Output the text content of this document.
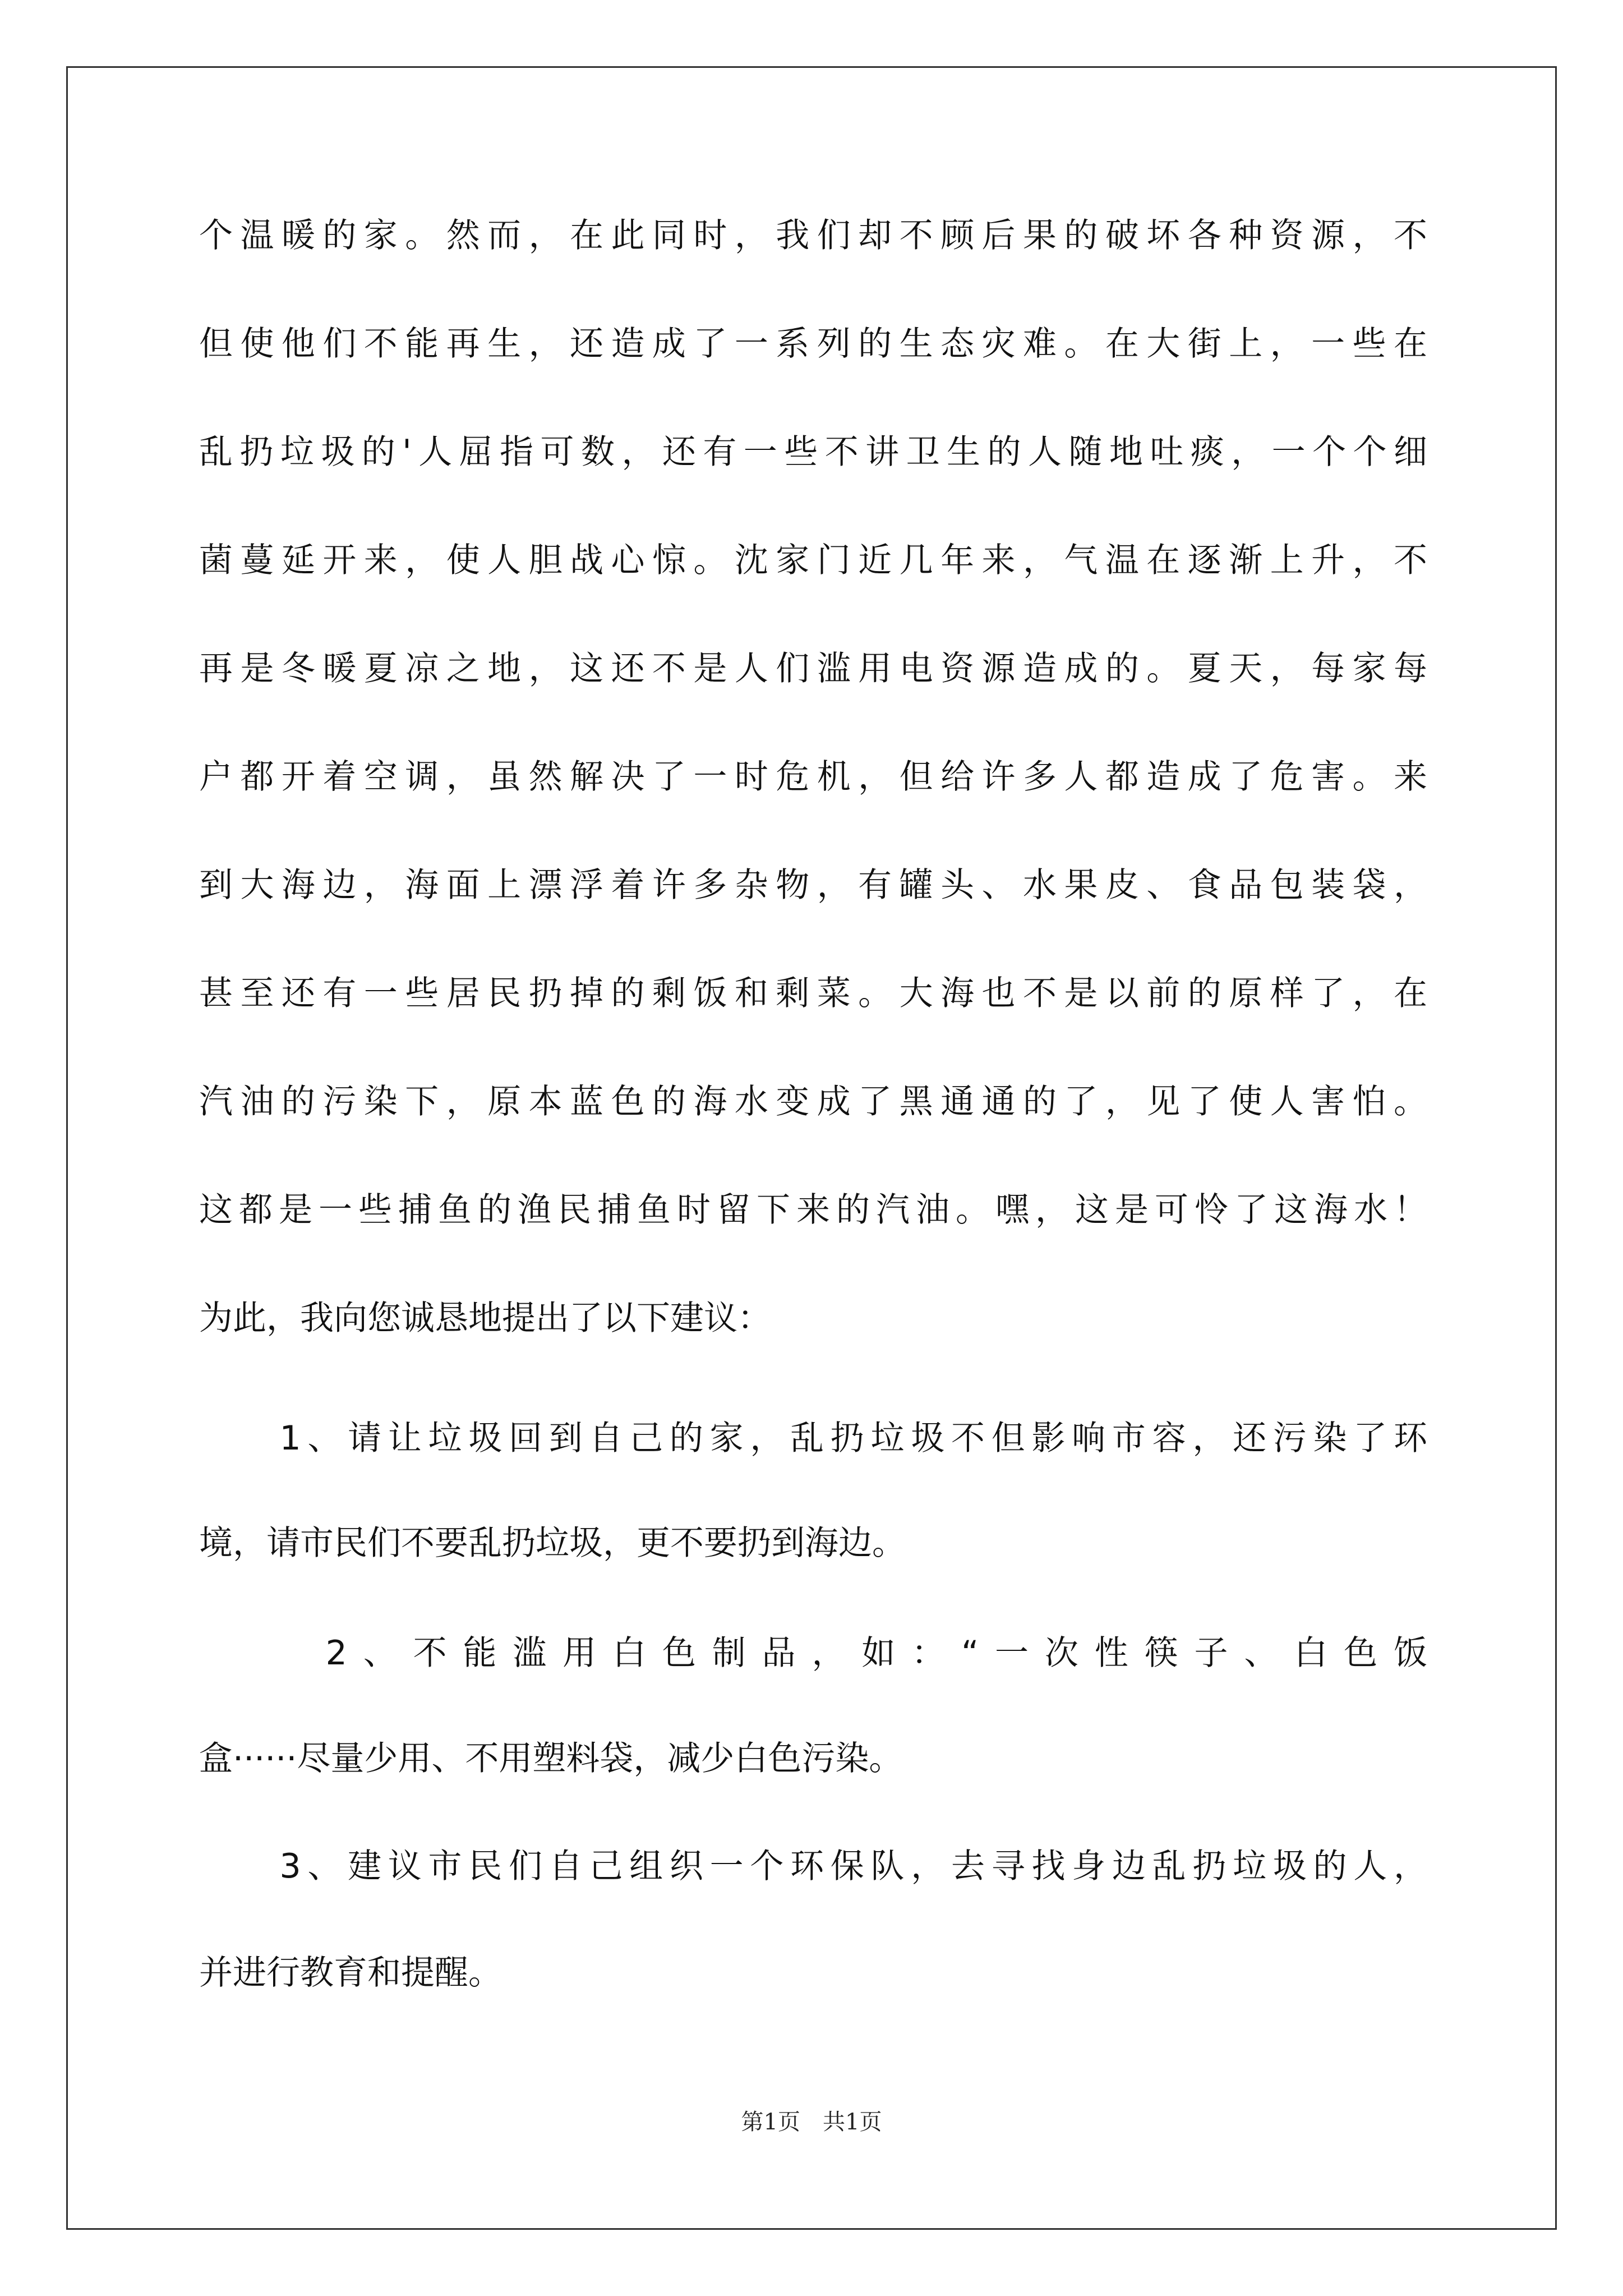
个温暖的家。然而，在此同时，我们却不顾后果的破坏各种资源，不
但使他们不能再生，还造成了一系列的生态灾难。在大街上，一些在
乱扔垃圾的'人屈指可数，还有一些不讲卫生的人随地吐痰，一个个细
菌蔓延开来，使人胆战心惊。沈家门近几年来，气温在逐渐上升，不
再是冬暖夏凉之地，这还不是人们滥用电资源造成的。夏天，每家每
户都开着空调，虽然解决了一时危机，但给许多人都造成了危害。来
到大海边，海面上漂浮着许多杂物，有罐头、水果皮、食品包装袋，
甚至还有一些居民扔掉的剩饭和剩菜。大海也不是以前的原样了，在
汽油的污染下，原本蓝色的海水变成了黑通通的了，见了使人害怕。
这都是一些捕鱼的渔民捕鱼时留下来的汽油。嘿，这是可怜了这海水！
为此，我向您诚恳地提出了以下建议：
　　1、请让垃圾回到自己的家，乱扔垃圾不但影响市容，还污染了环
境，请市民们不要乱扔垃圾，更不要扔到海边。
　　 2、不能滥用白色制品，如：“一次性筷子、白色饭
盒······尽量少用、不用塑料袋，减少白色污染。
　　3、建议市民们自己组织一个环保队，去寻找身边乱扔垃圾的人，
并进行教育和提醒。
第1页　共1页
